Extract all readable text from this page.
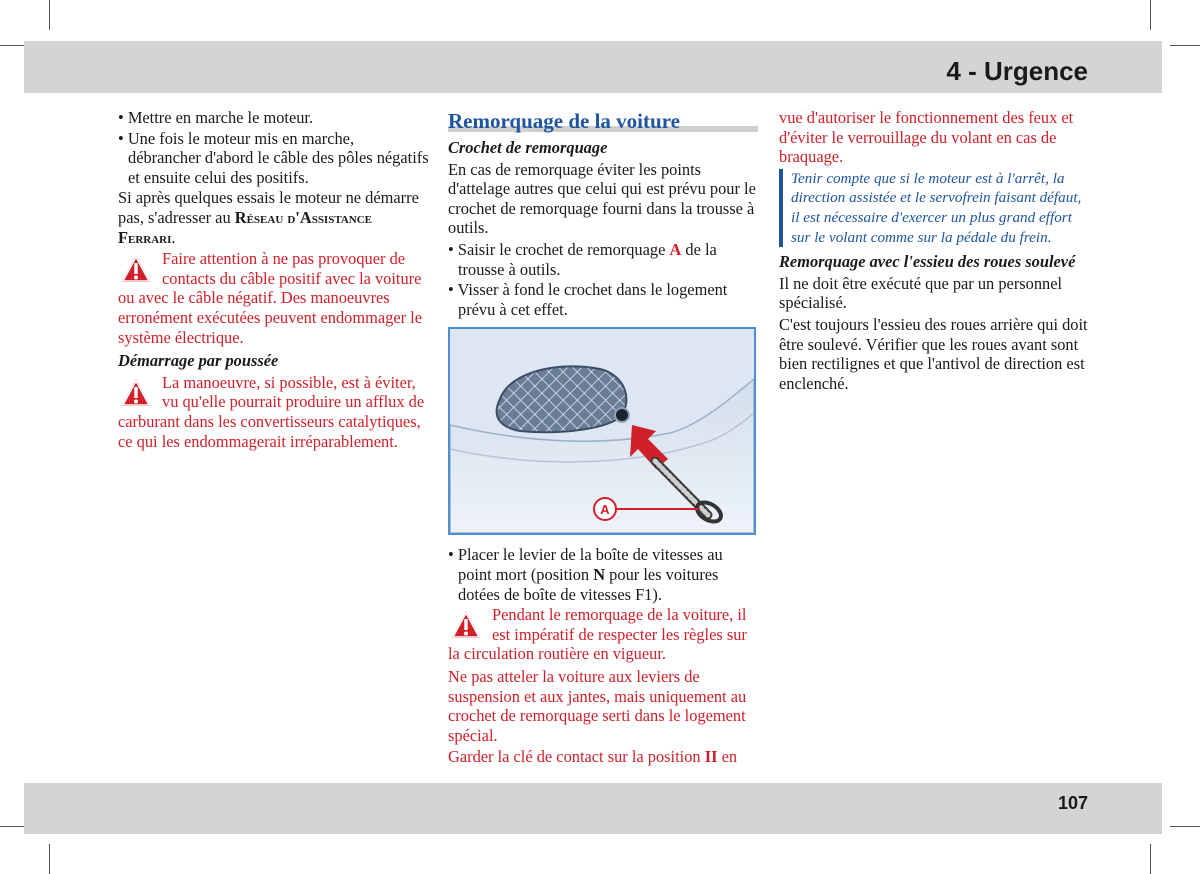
4 - Urgence
107

• Mettre en marche le moteur.

• Une fois le moteur mis en marche, débrancher d'abord le câble des pôles négatifs et ensuite celui des positifs.

Si après quelques essais le moteur ne démarre pas, s'adresser au Réseau d'Assistance Ferrari.

Faire attention à ne pas provoquer de contacts du câble positif avec la voiture ou avec le câble négatif. Des manoeuvres erronément exécutées peuvent endommager le système électrique.

Démarrage par poussée

La manoeuvre, si possible, est à éviter, vu qu'elle pourrait produire un afflux de carburant dans les convertisseurs catalytiques, ce qui les endommagerait irréparablement.
Remorquage de la voiture

Crochet de remorquage

En cas de remorquage éviter les points d'attelage autres que celui qui est prévu pour le crochet de remorquage fourni dans la trousse à outils.

• Saisir le crochet de remorquage A de la trousse à outils.

• Visser à fond le crochet dans le logement prévu à cet effet.

A

• Placer le levier de la boîte de vitesses au point mort (position N pour les voitures dotées de boîte de vitesses F1).

Pendant le remorquage de la voiture, il est impératif de respecter les règles sur la circulation routière en vigueur.

Ne pas atteler la voiture aux leviers de suspension et aux jantes, mais uniquement au crochet de remorquage serti dans le logement spécial.

Garder la clé de contact sur la position II en

vue d'autoriser le fonctionnement des feux et d'éviter le verrouillage du volant en cas de braquage.

Tenir compte que si le moteur est à l'arrêt, la direction assistée et le servofrein faisant défaut, il est nécessaire d'exercer un plus grand effort sur le volant comme sur la pédale du frein.

Remorquage avec l'essieu des roues soulevé

Il ne doit être exécuté que par un personnel spécialisé.

C'est toujours l'essieu des roues arrière qui doit être soulevé. Vérifier que les roues avant sont bien rectilignes et que l'antivol de direction est enclenché.
